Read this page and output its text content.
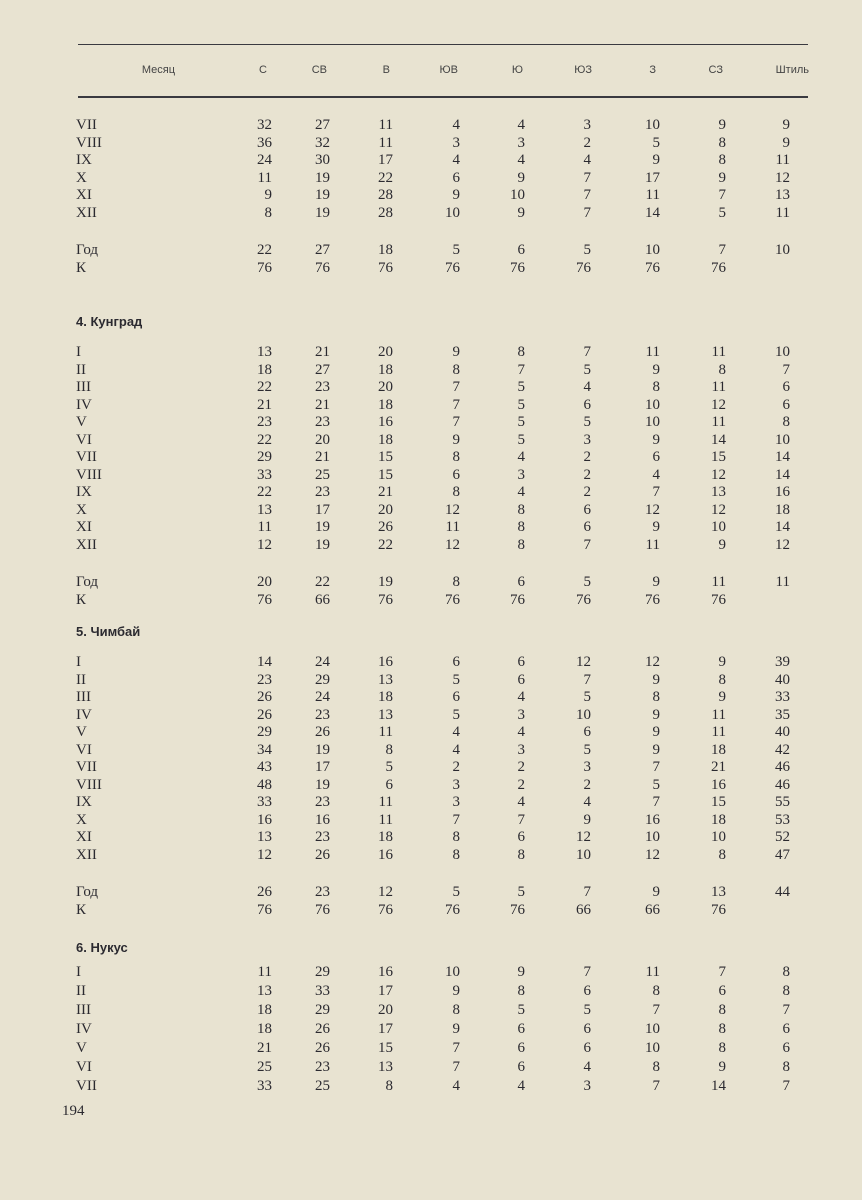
Месяц	С	СВ	В	ЮВ	Ю	ЮЗ	З	СЗ	Штиль
VII	32	27	11	4	4	3	10	9	9
VIII	36	32	11	3	3	2	5	8	9
IX	24	30	17	4	4	4	9	8	11
X	11	19	22	6	9	7	17	9	12
XI	9	19	28	9	10	7	11	7	13
XII	8	19	28	10	9	7	14	5	11
Год	22	27	18	5	6	5	10	7	10
К	76	76	76	76	76	76	76	76
4. Кунград
I	13	21	20	9	8	7	11	11	10
II	18	27	18	8	7	5	9	8	7
III	22	23	20	7	5	4	8	11	6
IV	21	21	18	7	5	6	10	12	6
V	23	23	16	7	5	5	10	11	8
VI	22	20	18	9	5	3	9	14	10
VII	29	21	15	8	4	2	6	15	14
VIII	33	25	15	6	3	2	4	12	14
IX	22	23	21	8	4	2	7	13	16
X	13	17	20	12	8	6	12	12	18
XI	11	19	26	11	8	6	9	10	14
XII	12	19	22	12	8	7	11	9	12
Год	20	22	19	8	6	5	9	11	11
К	76	66	76	76	76	76	76	76
5. Чимбай
I	14	24	16	6	6	12	12	9	39
II	23	29	13	5	6	7	9	8	40
III	26	24	18	6	4	5	8	9	33
IV	26	23	13	5	3	10	9	11	35
V	29	26	11	4	4	6	9	11	40
VI	34	19	8	4	3	5	9	18	42
VII	43	17	5	2	2	3	7	21	46
VIII	48	19	6	3	2	2	5	16	46
IX	33	23	11	3	4	4	7	15	55
X	16	16	11	7	7	9	16	18	53
XI	13	23	18	8	6	12	10	10	52
XII	12	26	16	8	8	10	12	8	47
Год	26	23	12	5	5	7	9	13	44
К	76	76	76	76	76	66	66	76
6. Нукус
I	11	29	16	10	9	7	11	7	8
II	13	33	17	9	8	6	8	6	8
III	18	29	20	8	5	5	7	8	7
IV	18	26	17	9	6	6	10	8	6
V	21	26	15	7	6	6	10	8	6
VI	25	23	13	7	6	4	8	9	8
VII	33	25	8	4	4	3	7	14	7
194
